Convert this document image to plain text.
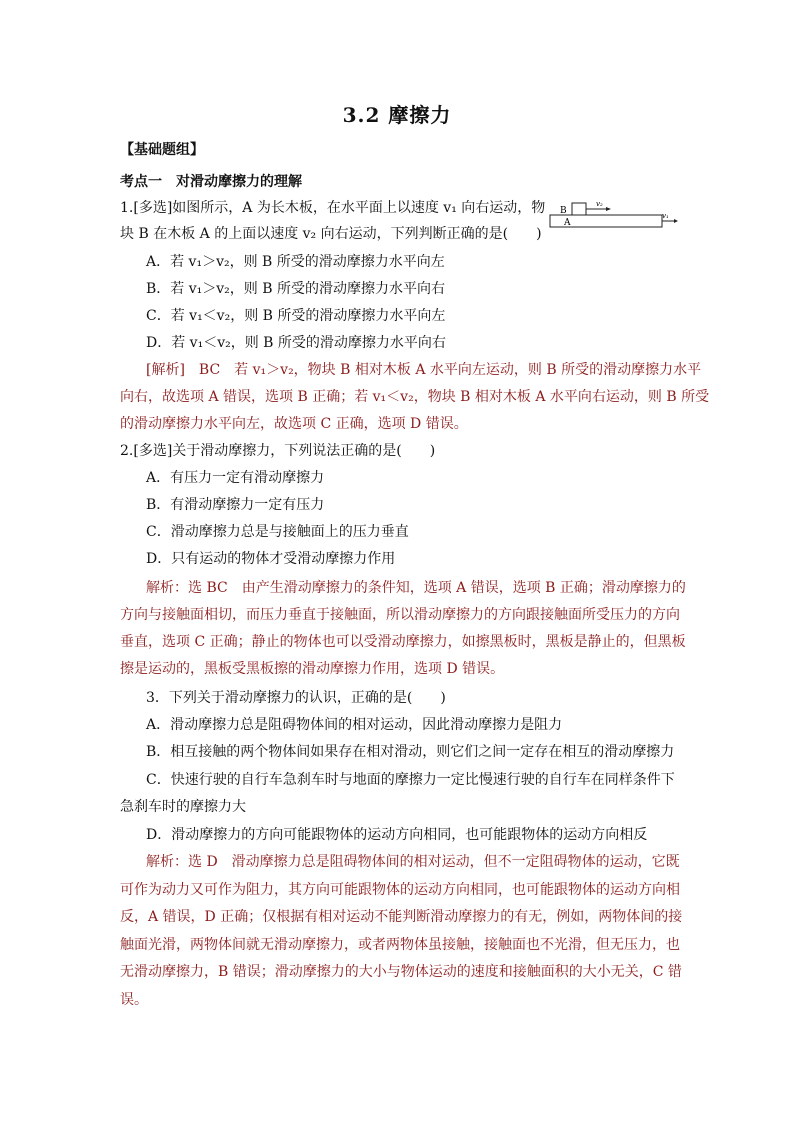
3.2 摩擦力
【基础题组】
考点一　对滑动摩擦力的理解
1.[多选]如图所示，A 为长木板，在水平面上以速度 v₁ 向右运动，物
块 B 在木板 A 的上面以速度 v₂ 向右运动，下列判断正确的是(　　)
B
A
v₂
v₁
A．若 v₁＞v₂，则 B 所受的滑动摩擦力水平向左
B．若 v₁＞v₂，则 B 所受的滑动摩擦力水平向右
C．若 v₁＜v₂，则 B 所受的滑动摩擦力水平向左
D．若 v₁＜v₂，则 B 所受的滑动摩擦力水平向右
[解析]　BC　若 v₁＞v₂，物块 B 相对木板 A 水平向左运动，则 B 所受的滑动摩擦力水平
向右，故选项 A 错误，选项 B 正确；若 v₁＜v₂，物块 B 相对木板 A 水平向右运动，则 B 所受
的滑动摩擦力水平向左，故选项 C 正确，选项 D 错误。
2.[多选]关于滑动摩擦力，下列说法正确的是(　　)
A．有压力一定有滑动摩擦力
B．有滑动摩擦力一定有压力
C．滑动摩擦力总是与接触面上的压力垂直
D．只有运动的物体才受滑动摩擦力作用
解析：选 BC　由产生滑动摩擦力的条件知，选项 A 错误，选项 B 正确；滑动摩擦力的
方向与接触面相切，而压力垂直于接触面，所以滑动摩擦力的方向跟接触面所受压力的方向
垂直，选项 C 正确；静止的物体也可以受滑动摩擦力，如擦黑板时，黑板是静止的，但黑板
擦是运动的，黑板受黑板擦的滑动摩擦力作用，选项 D 错误。
3．下列关于滑动摩擦力的认识，正确的是(　　)
A．滑动摩擦力总是阻碍物体间的相对运动，因此滑动摩擦力是阻力
B．相互接触的两个物体间如果存在相对滑动，则它们之间一定存在相互的滑动摩擦力
C．快速行驶的自行车急刹车时与地面的摩擦力一定比慢速行驶的自行车在同样条件下
急刹车时的摩擦力大
D．滑动摩擦力的方向可能跟物体的运动方向相同，也可能跟物体的运动方向相反
解析：选 D　滑动摩擦力总是阻碍物体间的相对运动，但不一定阻碍物体的运动，它既
可作为动力又可作为阻力，其方向可能跟物体的运动方向相同，也可能跟物体的运动方向相
反，A 错误，D 正确；仅根据有相对运动不能判断滑动摩擦力的有无，例如，两物体间的接
触面光滑，两物体间就无滑动摩擦力，或者两物体虽接触，接触面也不光滑，但无压力，也
无滑动摩擦力，B 错误；滑动摩擦力的大小与物体运动的速度和接触面积的大小无关，C 错
误。
